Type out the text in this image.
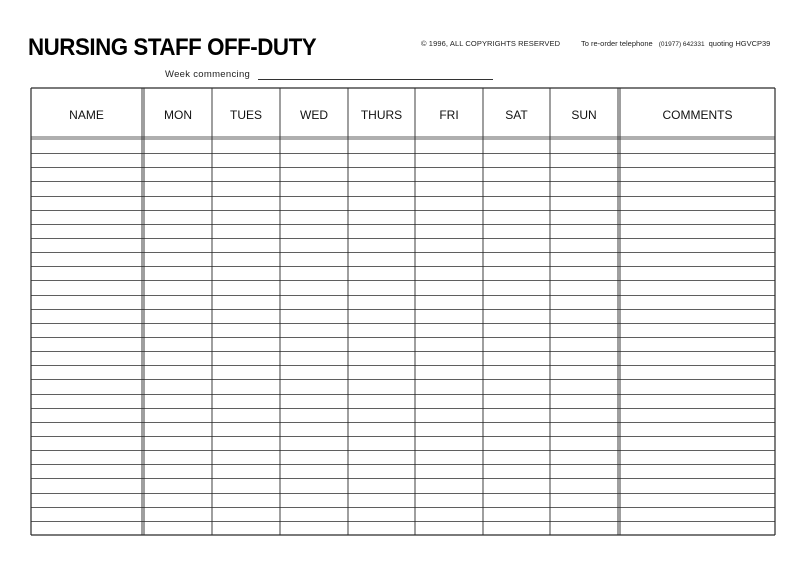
NURSING STAFF OFF-DUTY	© 1996, ALL COPYRIGHTS RESERVED	To re-order telephone (01977) 642331 quoting HGVCP39
Week commencing
NAME	MON	TUES	WED	THURS	FRI	SAT	SUN	COMMENTS
